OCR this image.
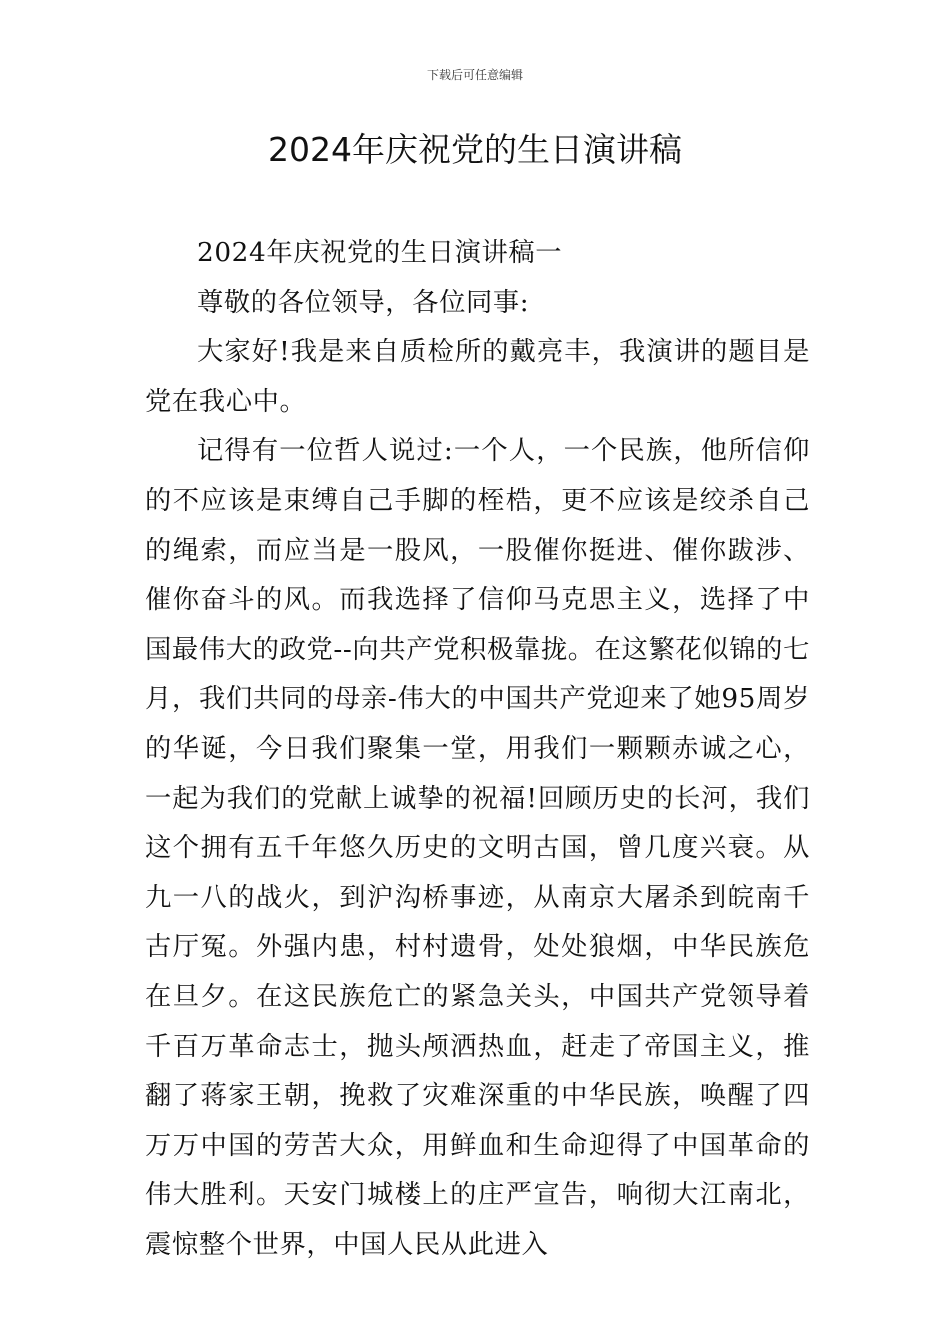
下载后可任意编辑
2024年庆祝党的生日演讲稿

2024年庆祝党的生日演讲稿一

尊敬的各位领导，各位同事:

大家好!我是来自质检所的戴亮丰，我演讲的题目是党在我心中。

记得有一位哲人说过:一个人，一个民族，他所信仰的不应该是束缚自己手脚的桎梏，更不应该是绞杀自己的绳索，而应当是一股风，一股催你挺进、催你跋涉、催你奋斗的风。而我选择了信仰马克思主义，选择了中国最伟大的政党--向共产党积极靠拢。在这繁花似锦的七月，我们共同的母亲-伟大的中国共产党迎来了她95周岁的华诞，今日我们聚集一堂，用我们一颗颗赤诚之心，一起为我们的党献上诚挚的祝福!回顾历史的长河，我们这个拥有五千年悠久历史的文明古国，曾几度兴衰。从九一八的战火，到沪沟桥事迹，从南京大屠杀到皖南千古厅冤。外强内患，村村遗骨，处处狼烟，中华民族危在旦夕。在这民族危亡的紧急关头，中国共产党领导着千百万革命志士，抛头颅洒热血，赶走了帝国主义，推翻了蒋家王朝，挽救了灾难深重的中华民族，唤醒了四万万中国的劳苦大众，用鲜血和生命迎得了中国革命的伟大胜利。天安门城楼上的庄严宣告，响彻大江南北，震惊整个世界，中国人民从此进入
